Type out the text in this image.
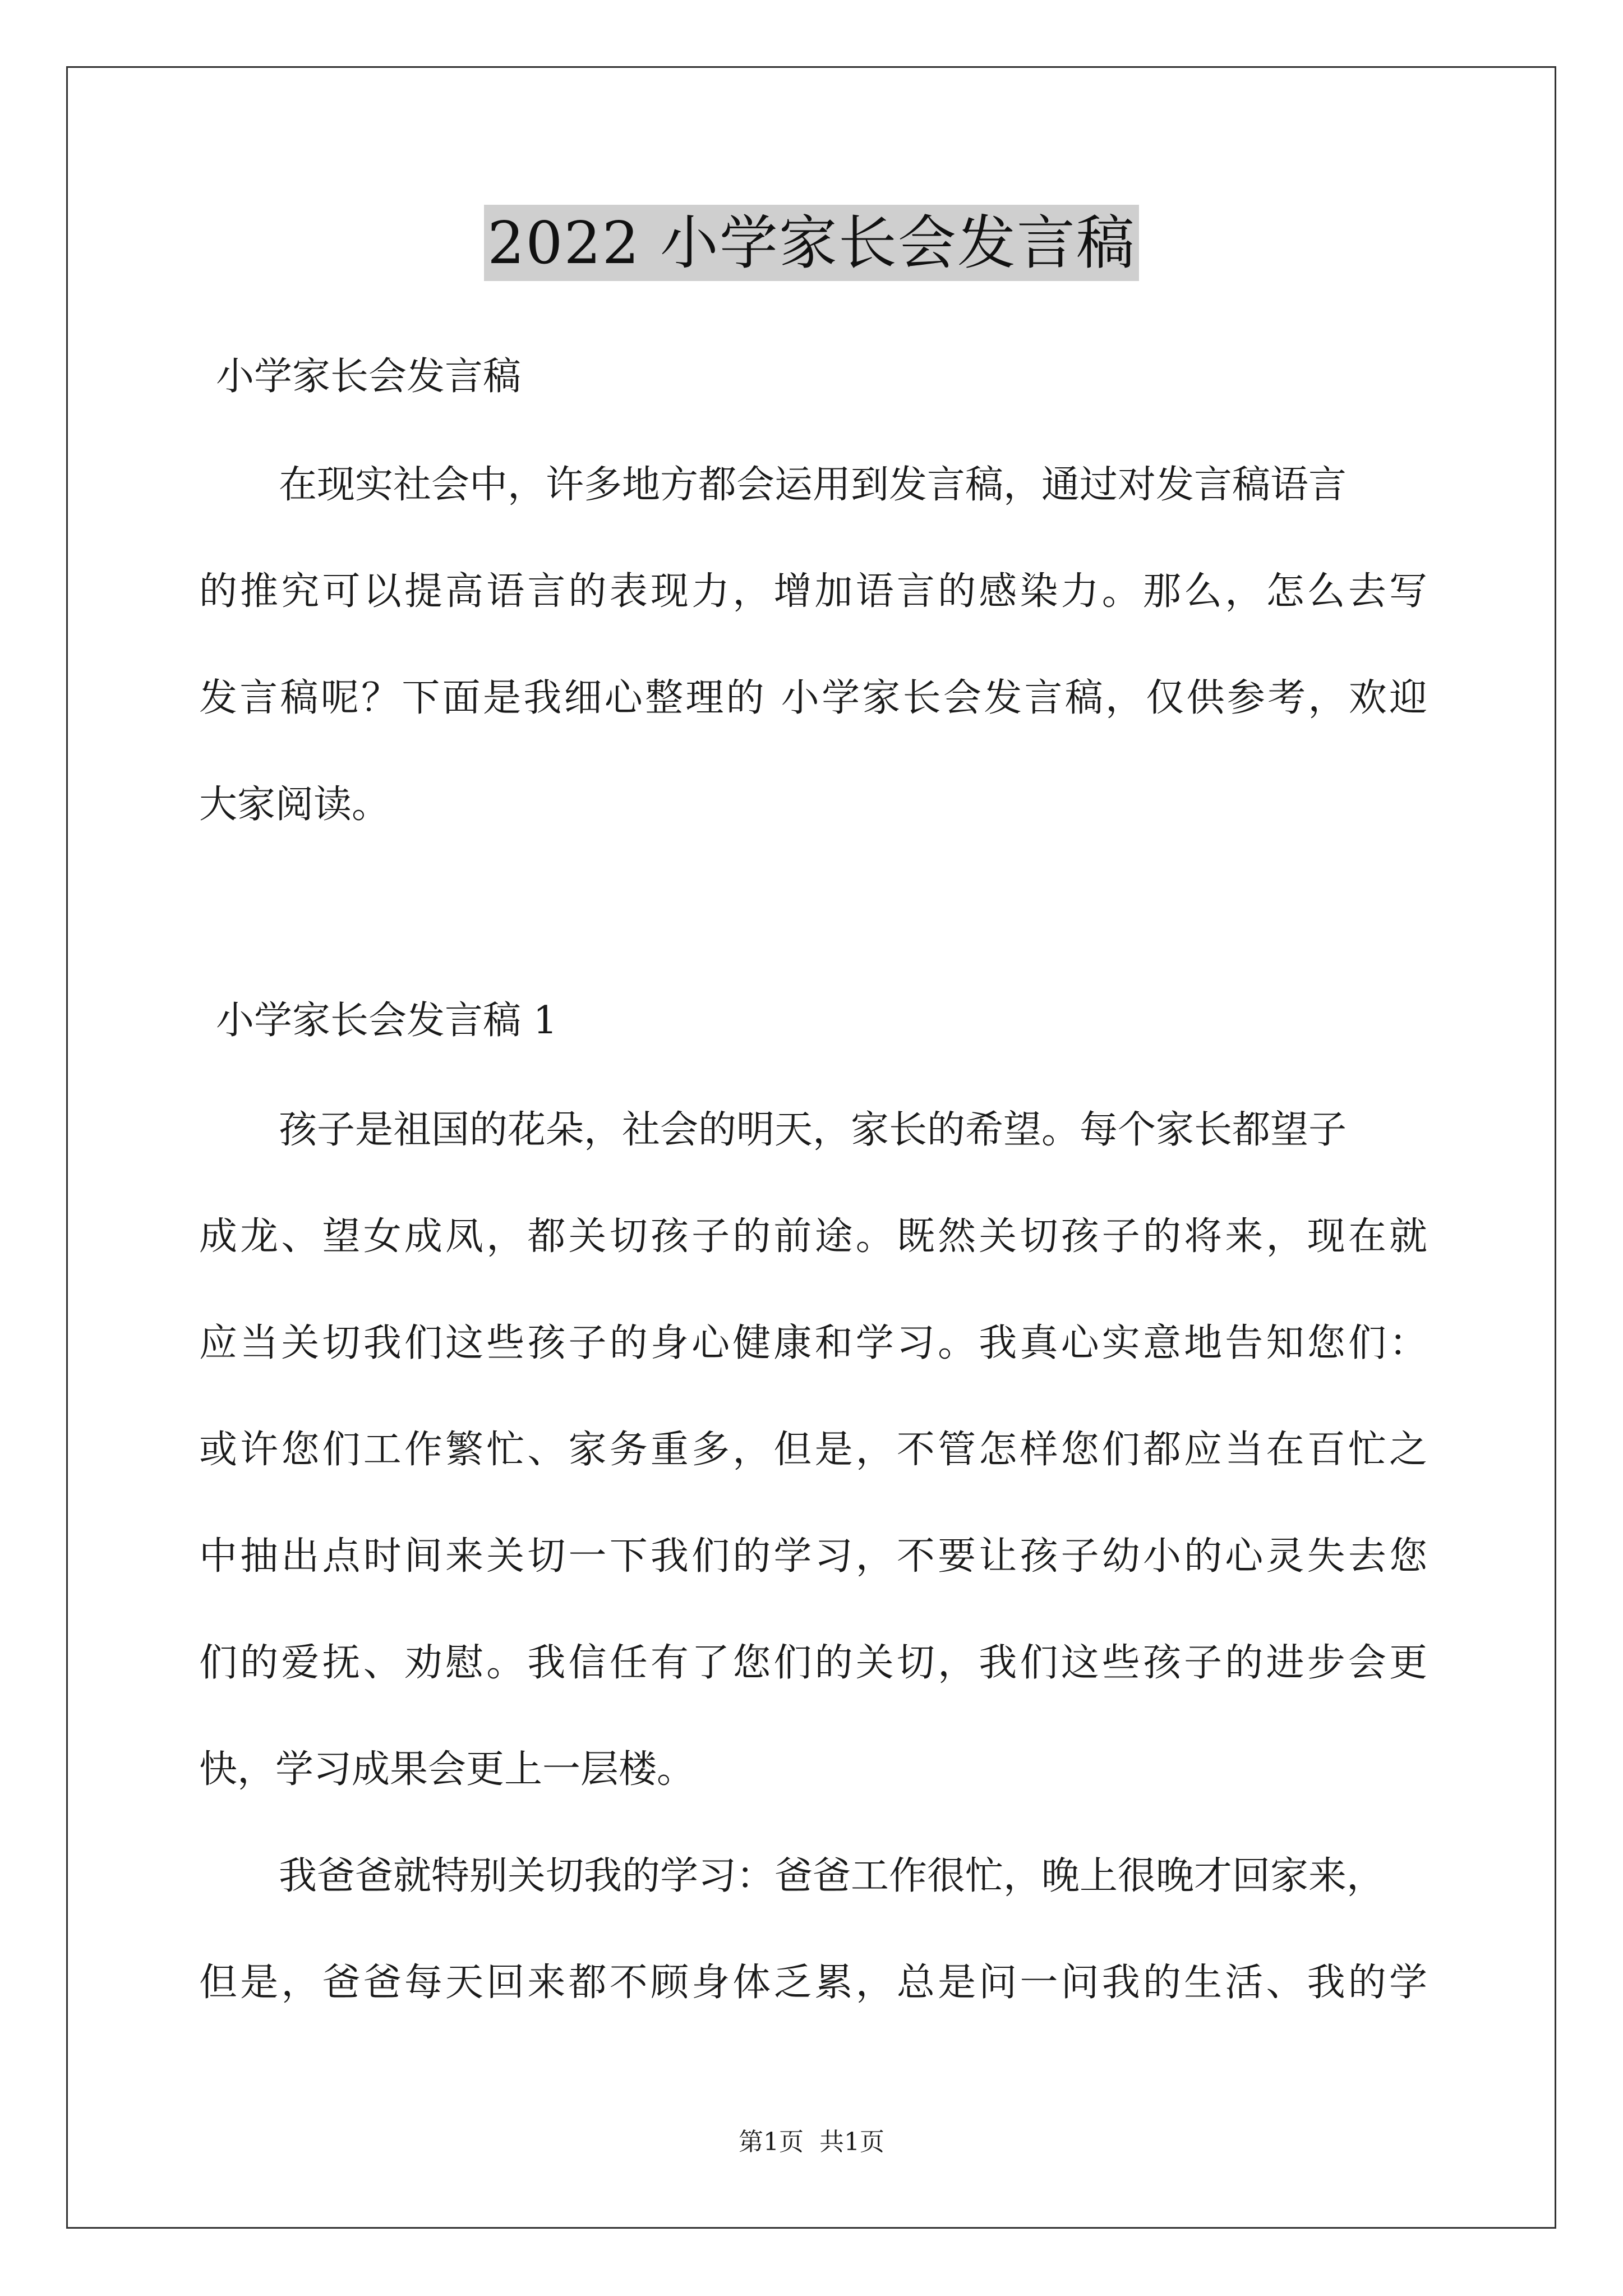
2022 小学家长会发言稿
小学家长会发言稿
在现实社会中，许多地方都会运用到发言稿，通过对发言稿语言
的推究可以提高语言的表现力，增加语言的感染力。那么，怎么去写
发言稿呢？下面是我细心整理的 小学家长会发言稿，仅供参考，欢迎
大家阅读。
小学家长会发言稿 1
孩子是祖国的花朵，社会的明天，家长的希望。每个家长都望子
成龙、望女成凤，都关切孩子的前途。既然关切孩子的将来，现在就
应当关切我们这些孩子的身心健康和学习。我真心实意地告知您们：
或许您们工作繁忙、家务重多，但是，不管怎样您们都应当在百忙之
中抽出点时间来关切一下我们的学习，不要让孩子幼小的心灵失去您
们的爱抚、劝慰。我信任有了您们的关切，我们这些孩子的进步会更
快，学习成果会更上一层楼。
我爸爸就特别关切我的学习：爸爸工作很忙，晚上很晚才回家来，
但是，爸爸每天回来都不顾身体乏累，总是问一问我的生活、我的学
第1页 共1页
